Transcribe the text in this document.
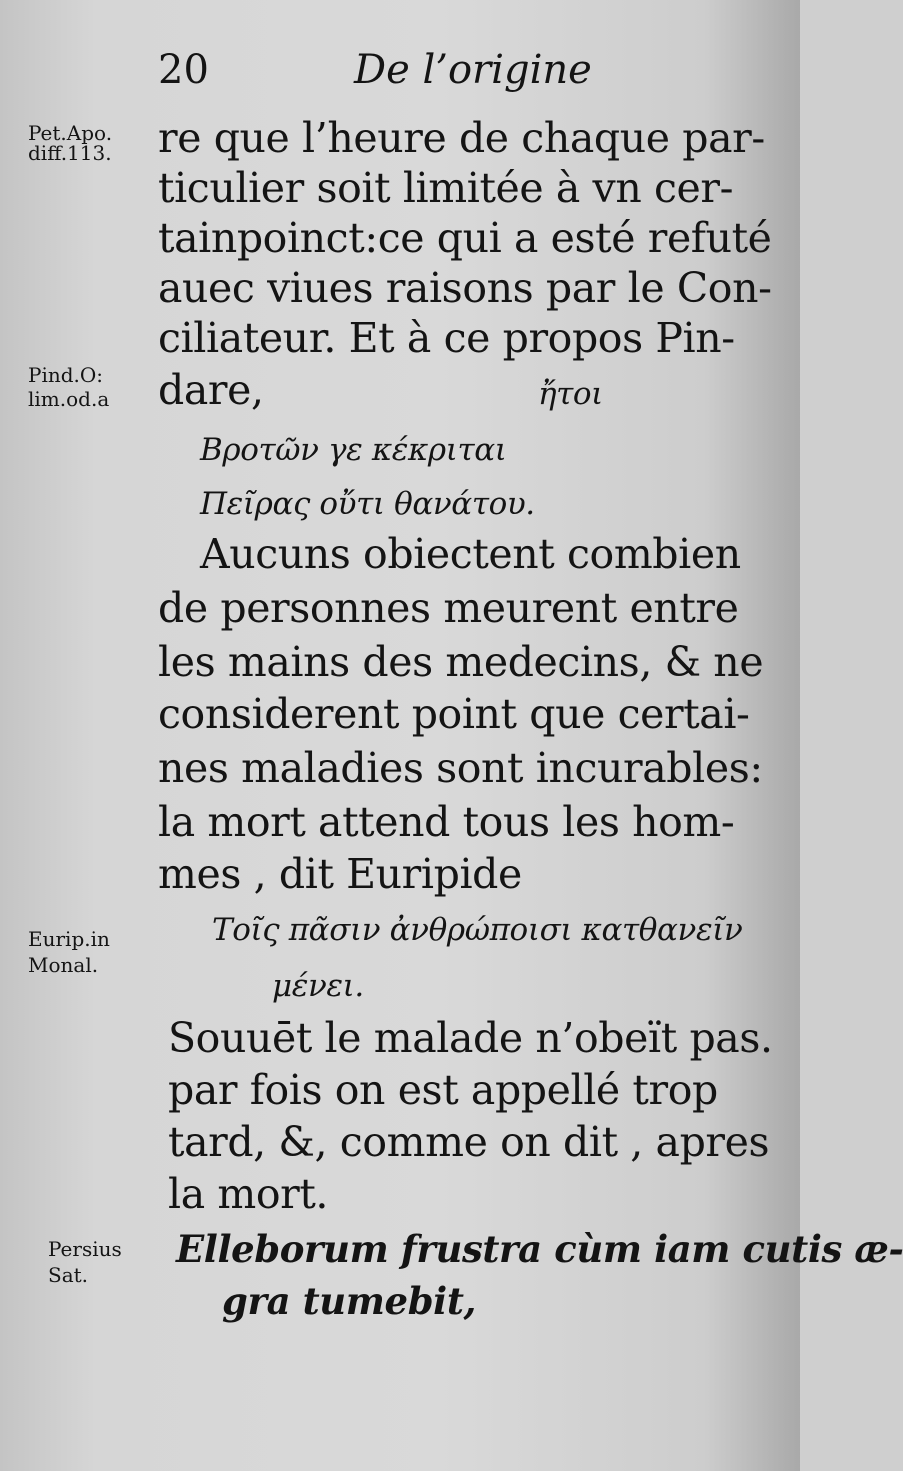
20	De l’origine
Pet.Apo.
diff.113.
Pind.O:
lim.od.a
Eurip.in
Monal.
Persius
Sat.
re que l’heure de chaque par-
ticulier soit limitée à vn cer-
tainpoinct:ce qui a esté refuté
auec viues raisons par le Con-
ciliateur. Et à ce propos Pin-
dare,	ἤτοι
Βροτῶν γε κέκριται
Πεῖρας οὔτι θανάτου.
Aucuns obiectent combien
de personnes meurent entre
les mains des medecins, & ne
considerent point que certai-
nes maladies sont incurables:
la mort attend tous les hom-
mes , dit Euripide
Τοῖς πᾶσιν ἀνθρώποισι κατθανεῖν
μένει.
Souuēt le malade n’obeït pas.
par fois on est appellé trop
tard, &, comme on dit , apres
la mort.
Elleborum frustra cùm iam cutis æ-
gra tumebit,
